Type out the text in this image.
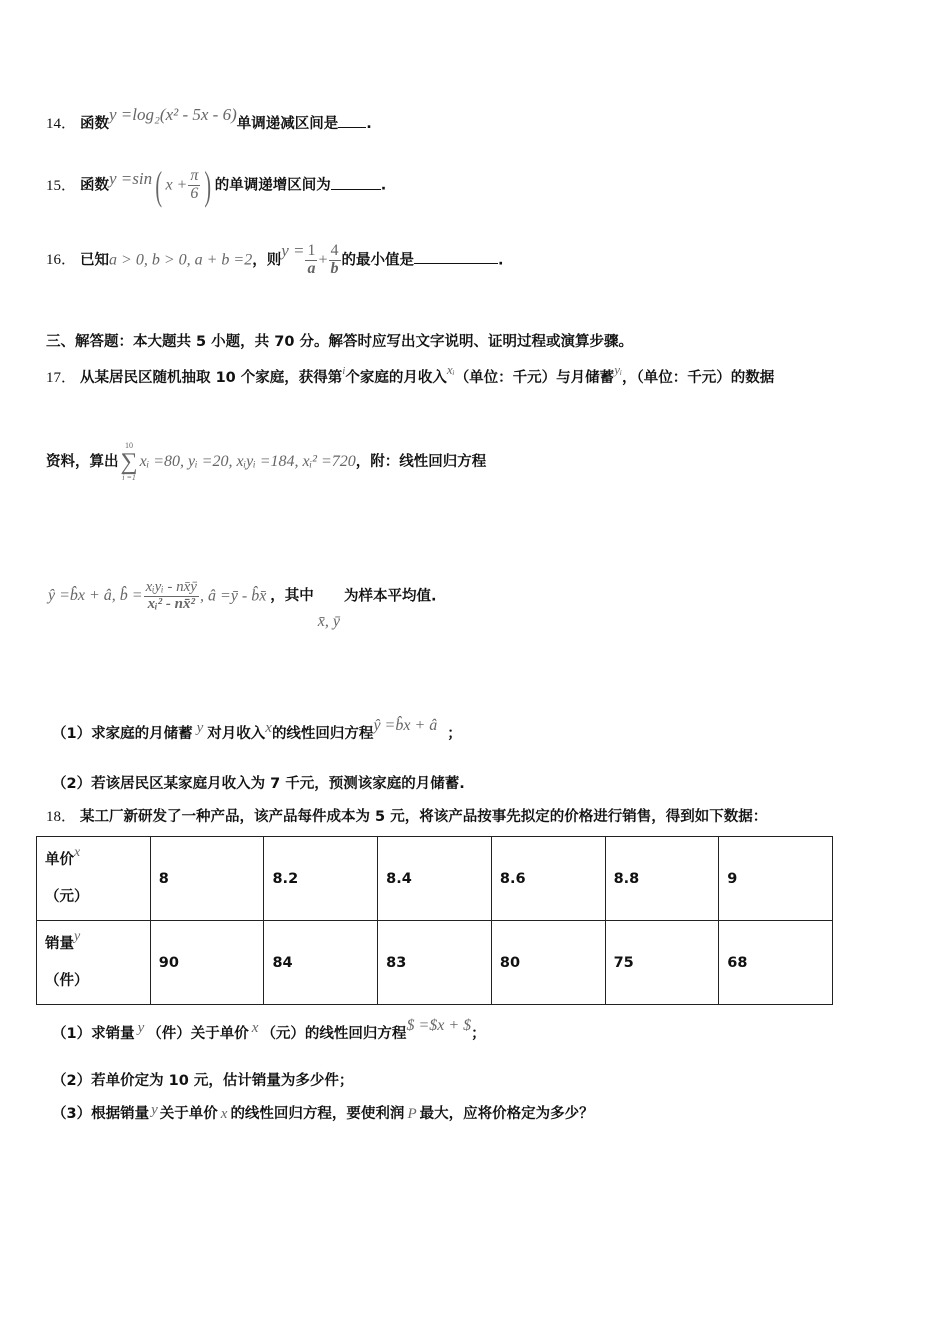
14． 函数y =log₂(x² - 5x - 6)单调递减区间是 .
15． 函数y =sin( $x + \frac{\pi}{6}$ ) 的单调递增区间为	.
16． 已知a > 0, b > 0, a + b =2，则$y = \frac{1}{a} + \frac{4}{b}$ 的最小值是	.
三、解答题：本大题共 5 小题，共 70 分。解答时应写出文字说明、证明过程或演算步骤。
17． 从某居民区随机抽取 10 个家庭，获得第$^i$个家庭的月收入xᵢ（单位：千元）与月储蓄yᵢ，（单位：千元）的数据
资料，算出
10
∑
i =1
xᵢ =80, yᵢ =20, xᵢyᵢ =184, xᵢ² =720，附：线性回归方程
ŷ =b̂x + â, b̂ = $\frac{\text{xᵢyᵢ - nx̄ȳ}}{\text{xᵢ² - nx̄²}}$ , â =ȳ - b̂x̄ ，其中x̄, ȳ为样本平均值.
（1）求家庭的月储蓄 y 对月收入x的线性回归方程ŷ =b̂x + â ；
（2）若该居民区某家庭月收入为 7 千元，预测该家庭的月储蓄.
18． 某工厂新研发了一种产品，该产品每件成本为 5 元，将该产品按事先拟定的价格进行销售，得到如下数据：
单价x
（元）	8	8.2	8.4	8.6	8.8	9
销量y
（件）	90	84	83	80	75	68
（1）求销量 y （件）关于单价 x （元）的线性回归方程$ =$x + $；
（2）若单价定为 10 元，估计销量为多少件；
（3）根据销量 y 关于单价 x 的线性回归方程，要使利润 P 最大，应将价格定为多少？
